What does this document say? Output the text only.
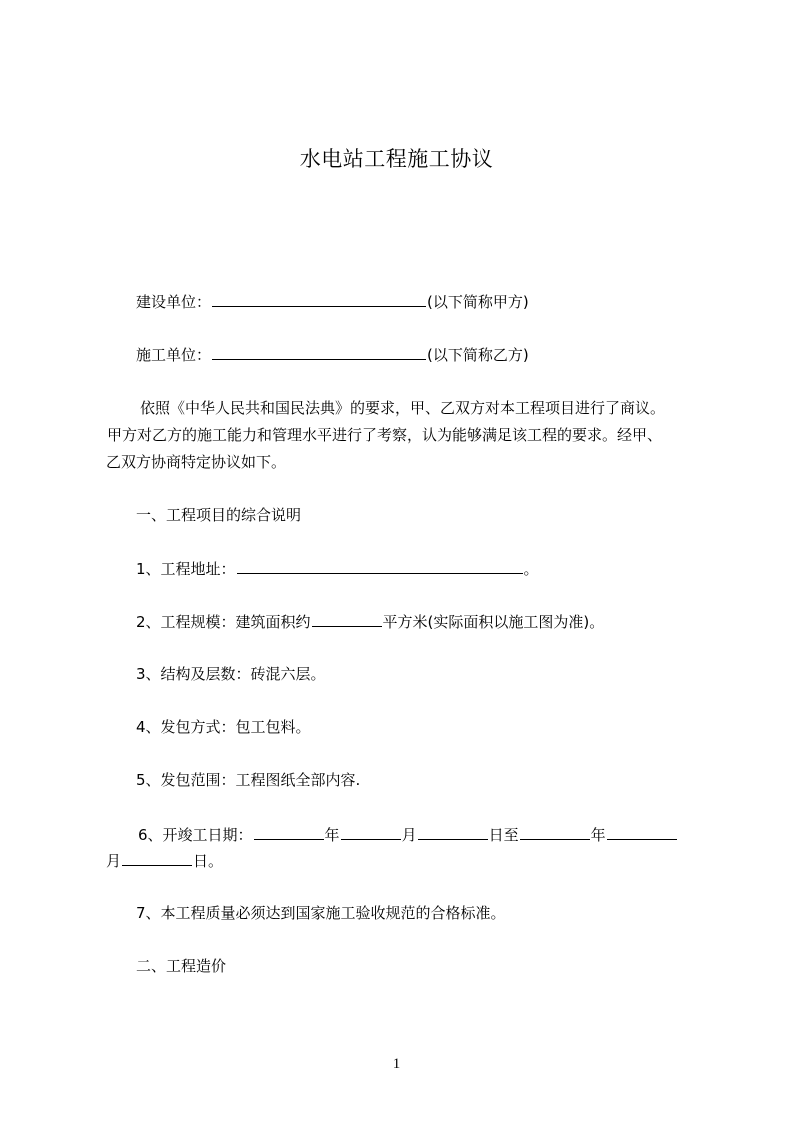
水电站工程施工协议
建设单位：	(以下简称甲方)
施工单位：	(以下简称乙方)
依照《中华人民共和国民法典》的要求，甲、乙双方对本工程项目进行了商议。
甲方对乙方的施工能力和管理水平进行了考察，认为能够满足该工程的要求。经甲、
乙双方协商特定协议如下。
一、工程项目的综合说明
1、工程地址：	。
2、工程规模：建筑面积约	平方米(实际面积以施工图为准)。
3、结构及层数：砖混六层。
4、发包方式：包工包料。
5、发包范围：工程图纸全部内容.
6、开竣工日期：	年	月	日至	年
月	日。
7、本工程质量必须达到国家施工验收规范的合格标准。
二、工程造价
1
